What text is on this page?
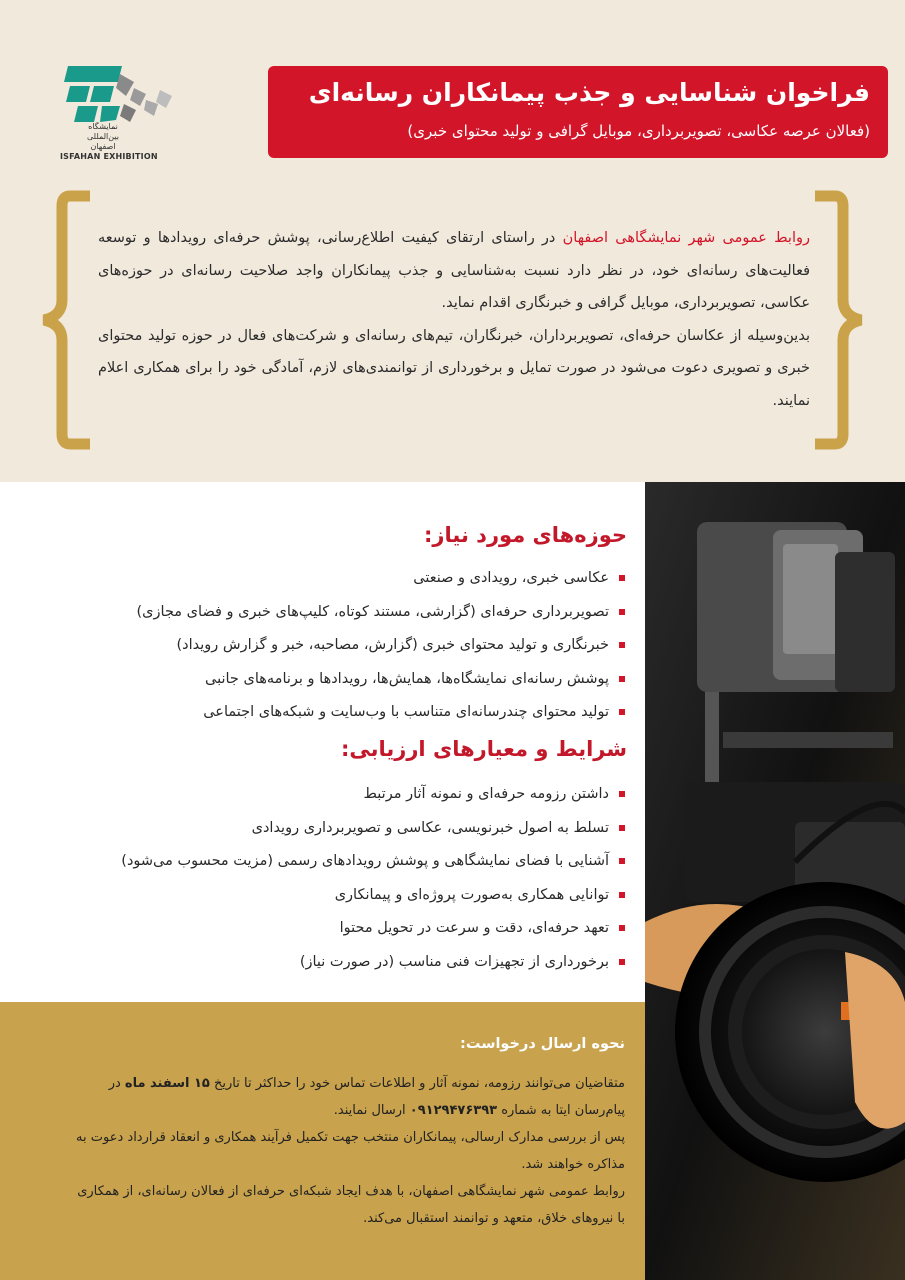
نمایشگاه
بین‌المللی
اصفهان
ISFAHAN EXHIBITION
فراخوان شناسایی و جذب پیمانکاران رسانه‌ای
(فعالان عرصه عکاسی، تصویربرداری، موبایل گرافی و تولید محتوای خبری)
روابط عمومی شهر نمایشگاهی اصفهان در راستای ارتقای کیفیت اطلاع‌رسانی، پوشش حرفه‌ای رویدادها و توسعه فعالیت‌های رسانه‌ای خود، در نظر دارد نسبت به‌شناسایی و جذب پیمانکاران واجد صلاحیت رسانه‌ای در حوزه‌های عکاسی، تصویربرداری، موبایل گرافی و خبرنگاری اقدام نماید.
بدین‌وسیله از عکاسان حرفه‌ای، تصویربرداران، خبرنگاران، تیم‌های رسانه‌ای و شرکت‌های فعال در حوزه تولید محتوای خبری و تصویری دعوت می‌شود در صورت تمایل و برخورداری از توانمندی‌های لازم، آمادگی خود را برای همکاری اعلام نمایند.
حوزه‌های مورد نیاز:
عکاسی خبری، رویدادی و صنعتی
تصویربرداری حرفه‌ای (گزارشی، مستند کوتاه، کلیپ‌های خبری و فضای مجازی)
خبرنگاری و تولید محتوای خبری (گزارش، مصاحبه، خبر و گزارش رویداد)
پوشش رسانه‌ای نمایشگاه‌ها، همایش‌ها، رویدادها و برنامه‌های جانبی
تولید محتوای چندرسانه‌ای متناسب با وب‌سایت و شبکه‌های اجتماعی
شرایط و معیارهای ارزیابی:
داشتن رزومه حرفه‌ای و نمونه آثار مرتبط
تسلط به اصول خبرنویسی، عکاسی و تصویربرداری رویدادی
آشنایی با فضای نمایشگاهی و پوشش رویدادهای رسمی (مزیت محسوب می‌شود)
توانایی همکاری به‌صورت پروژه‌ای و پیمانکاری
تعهد حرفه‌ای، دقت و سرعت در تحویل محتوا
برخورداری از تجهیزات فنی مناسب (در صورت نیاز)
نحوه ارسال درخواست:
متقاضیان می‌توانند رزومه، نمونه آثار و اطلاعات تماس خود را حداکثر تا تاریخ ۱۵ اسفند ماه در پیام‌رسان ایتا به شماره ۰۹۱۲۹۴۷۶۳۹۳ ارسال نمایند.
پس از بررسی مدارک ارسالی، پیمانکاران منتخب جهت تکمیل فرآیند همکاری و انعقاد قرارداد دعوت به مذاکره خواهند شد.
روابط عمومی شهر نمایشگاهی اصفهان، با هدف ایجاد شبکه‌ای حرفه‌ای از فعالان رسانه‌ای، از همکاری با نیروهای خلاق، متعهد و توانمند استقبال می‌کند.
